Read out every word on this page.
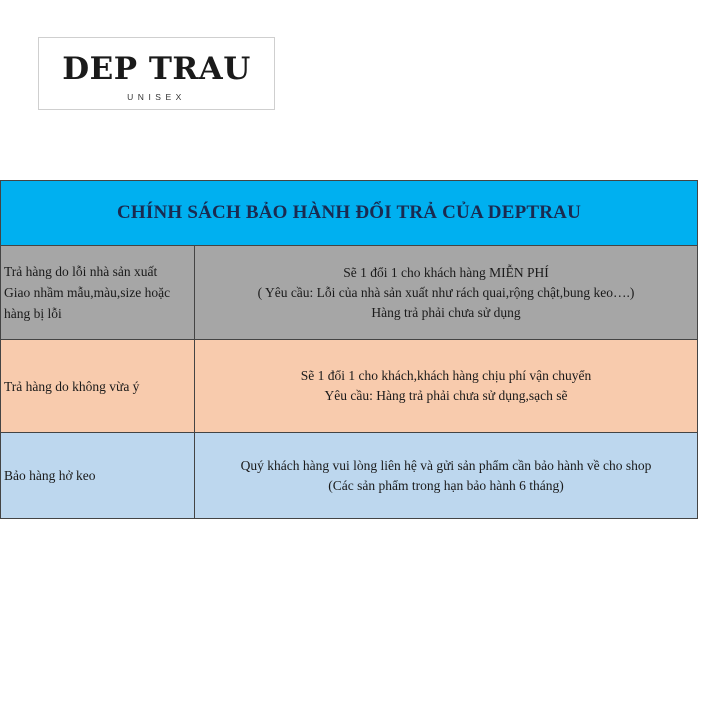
DEP TRAU
UNISEX
CHÍNH SÁCH BẢO HÀNH ĐỔI TRẢ CỦA DEPTRAU
Trả hàng do lỗi nhà sản xuất
Giao nhầm mẫu,màu,size hoặc
hàng bị lỗi
Sẽ 1 đổi 1 cho khách hàng MIỄN PHÍ
( Yêu cầu: Lỗi của nhà sản xuất như rách quai,rộng chật,bung keo….)
Hàng trả phải chưa sử dụng
Trả hàng do không vừa ý
Sẽ 1 đổi 1 cho khách,khách hàng chịu phí vận chuyển
Yêu cầu: Hàng trả phải chưa sử dụng,sạch sẽ
Bảo hàng hở keo
Quý khách hàng vui lòng liên hệ và gửi sản phẩm cần bảo hành về cho shop
(Các sản phẩm trong hạn bảo hành 6 tháng)
